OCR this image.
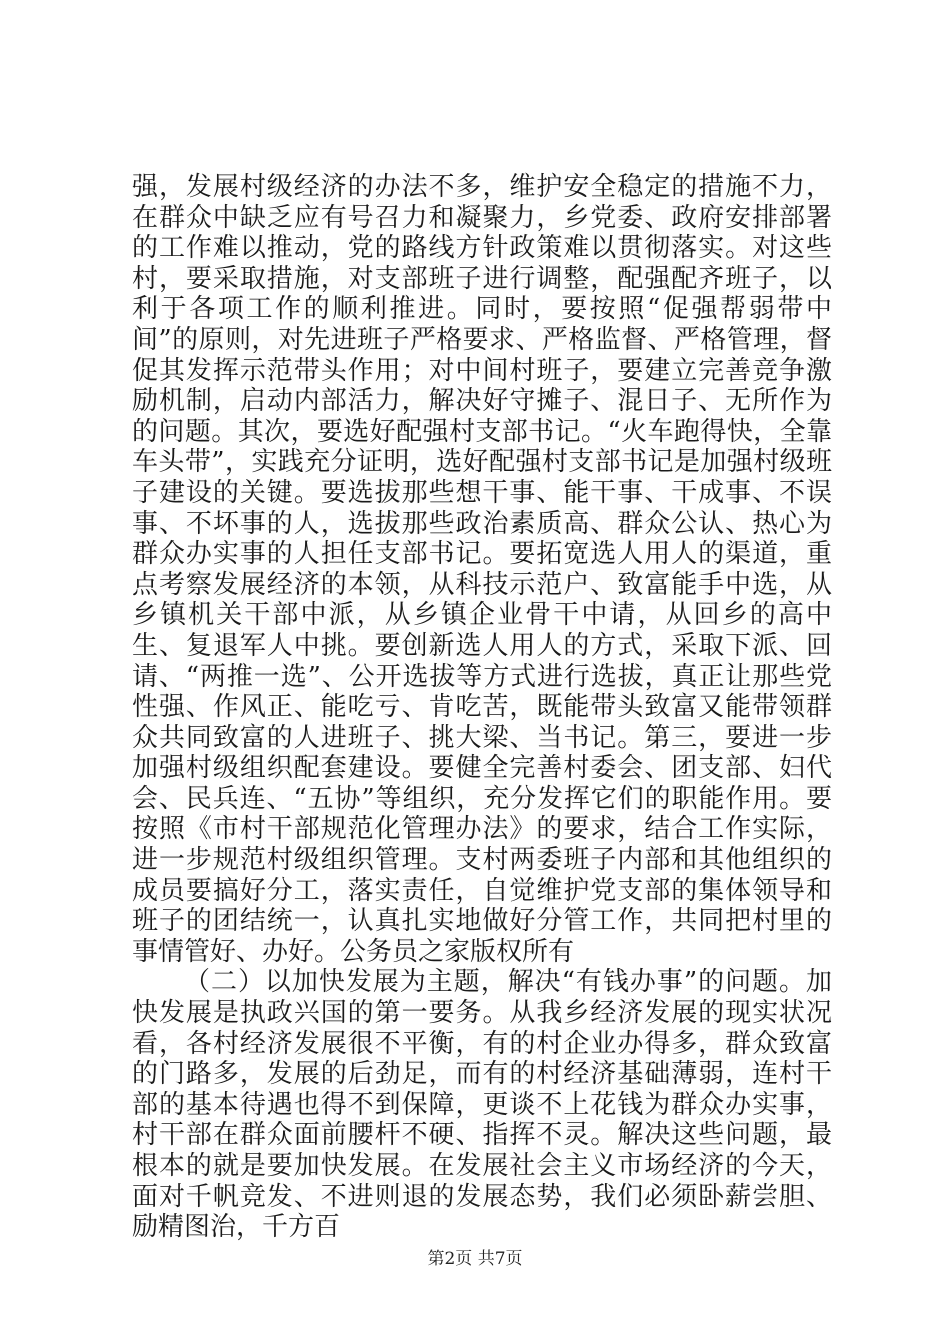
强，发展村级经济的办法不多，维护安全稳定的措施不力，在群众中缺乏应有号召力和凝聚力，乡党委、政府安排部署的工作难以推动，党的路线方针政策难以贯彻落实。对这些村，要采取措施，对支部班子进行调整，配强配齐班子，以利于各项工作的顺利推进。同时，要按照“促强帮弱带中间”的原则，对先进班子严格要求、严格监督、严格管理，督促其发挥示范带头作用；对中间村班子，要建立完善竞争激励机制，启动内部活力，解决好守摊子、混日子、无所作为的问题。其次，要选好配强村支部书记。“火车跑得快，全靠车头带”，实践充分证明，选好配强村支部书记是加强村级班子建设的关键。要选拔那些想干事、能干事、干成事、不误事、不坏事的人，选拔那些政治素质高、群众公认、热心为群众办实事的人担任支部书记。要拓宽选人用人的渠道，重点考察发展经济的本领，从科技示范户、致富能手中选，从乡镇机关干部中派，从乡镇企业骨干中请，从回乡的高中生、复退军人中挑。要创新选人用人的方式，采取下派、回请、“两推一选”、公开选拔等方式进行选拔，真正让那些党性强、作风正、能吃亏、肯吃苦，既能带头致富又能带领群众共同致富的人进班子、挑大梁、当书记。第三，要进一步加强村级组织配套建设。要健全完善村委会、团支部、妇代会、民兵连、“五协”等组织，充分发挥它们的职能作用。要按照《市村干部规范化管理办法》的要求，结合工作实际，进一步规范村级组织管理。支村两委班子内部和其他组织的成员要搞好分工，落实责任，自觉维护党支部的集体领导和班子的团结统一，认真扎实地做好分管工作，共同把村里的事情管好、办好。公务员之家版权所有

（二）以加快发展为主题，解决“有钱办事”的问题。加快发展是执政兴国的第一要务。从我乡经济发展的现实状况看，各村经济发展很不平衡，有的村企业办得多，群众致富的门路多，发展的后劲足，而有的村经济基础薄弱，连村干部的基本待遇也得不到保障，更谈不上花钱为群众办实事，村干部在群众面前腰杆不硬、指挥不灵。解决这些问题，最根本的就是要加快发展。在发展社会主义市场经济的今天，面对千帆竞发、不进则退的发展态势，我们必须卧薪尝胆、励精图治，千方百

第2页 共7页
